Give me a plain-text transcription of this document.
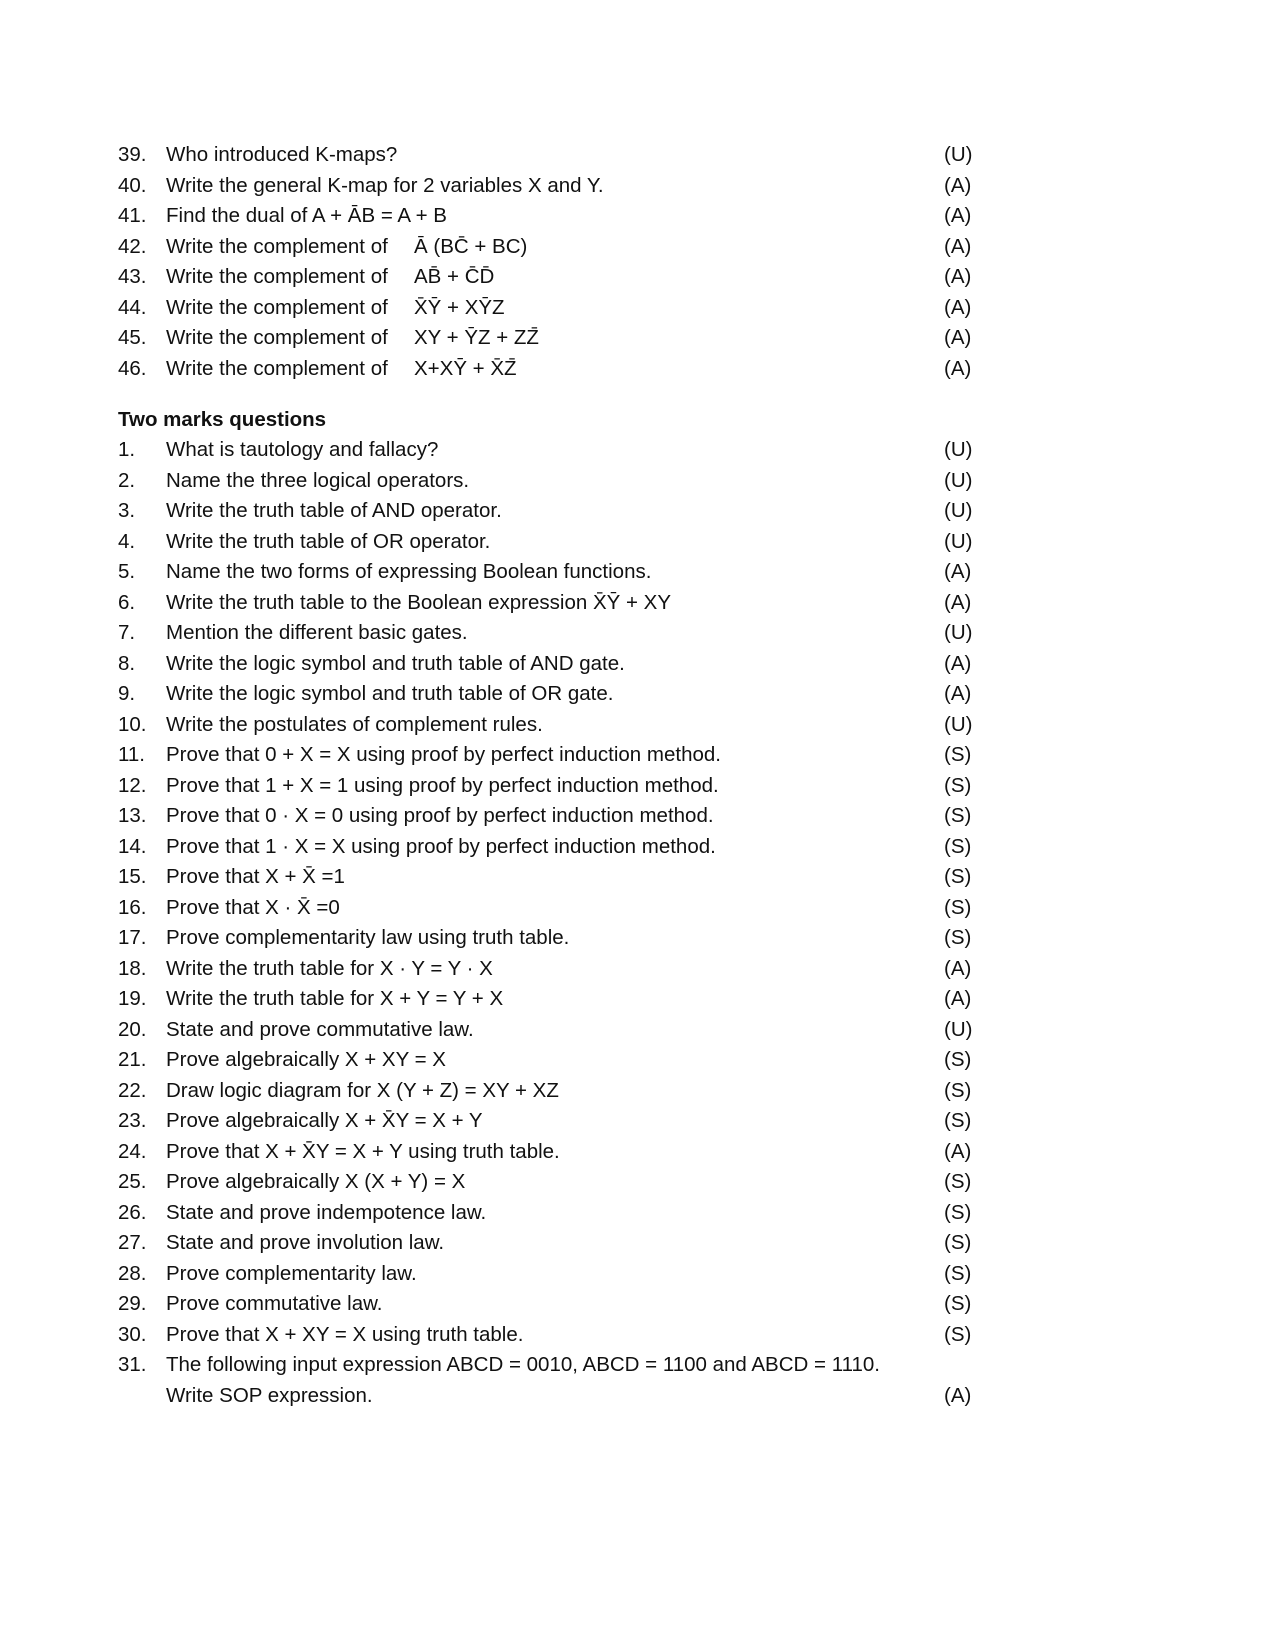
39. Who introduced K-maps?	(U)
40. Write the general K-map for 2 variables X and Y.	(A)
41. Find the dual of A + ĀB = A + B	(A)
42. Write the complement of Ā (BC̄ + BC)	(A)
43. Write the complement of AB̄ + C̄D̄	(A)
44. Write the complement of X̄Ȳ + XȲZ	(A)
45. Write the complement of XY + ȲZ + ZZ̄	(A)
46. Write the complement of X+XȲ + X̄Z̄	(A)
Two marks questions
1. What is tautology and fallacy?	(U)
2. Name the three logical operators.	(U)
3. Write the truth table of AND operator.	(U)
4. Write the truth table of OR operator.	(U)
5. Name the two forms of expressing Boolean functions.	(A)
6. Write the truth table to the Boolean expression X̄Ȳ + XY	(A)
7. Mention the different basic gates.	(U)
8. Write the logic symbol and truth table of AND gate.	(A)
9. Write the logic symbol and truth table of OR gate.	(A)
10. Write the postulates of complement rules.	(U)
11. Prove that 0 + X = X using proof by perfect induction method.	(S)
12. Prove that 1 + X = 1 using proof by perfect induction method.	(S)
13. Prove that 0 · X = 0 using proof by perfect induction method.	(S)
14. Prove that 1 · X = X using proof by perfect induction method.	(S)
15. Prove that X + X̄ =1	(S)
16. Prove that X · X̄ =0	(S)
17. Prove complementarity law using truth table.	(S)
18. Write the truth table for X · Y = Y · X	(A)
19. Write the truth table for X + Y = Y + X	(A)
20. State and prove commutative law.	(U)
21. Prove algebraically X + XY = X	(S)
22. Draw logic diagram for X (Y + Z) = XY + XZ	(S)
23. Prove algebraically X + X̄Y = X + Y	(S)
24. Prove that X + X̄Y = X + Y using truth table.	(A)
25. Prove algebraically X (X + Y) = X	(S)
26. State and prove indempotence law.	(S)
27. State and prove involution law.	(S)
28. Prove complementarity law.	(S)
29. Prove commutative law.	(S)
30. Prove that X + XY = X using truth table.	(S)
31. The following input expression ABCD = 0010, ABCD = 1100 and ABCD = 1110.
Write SOP expression.	(A)
